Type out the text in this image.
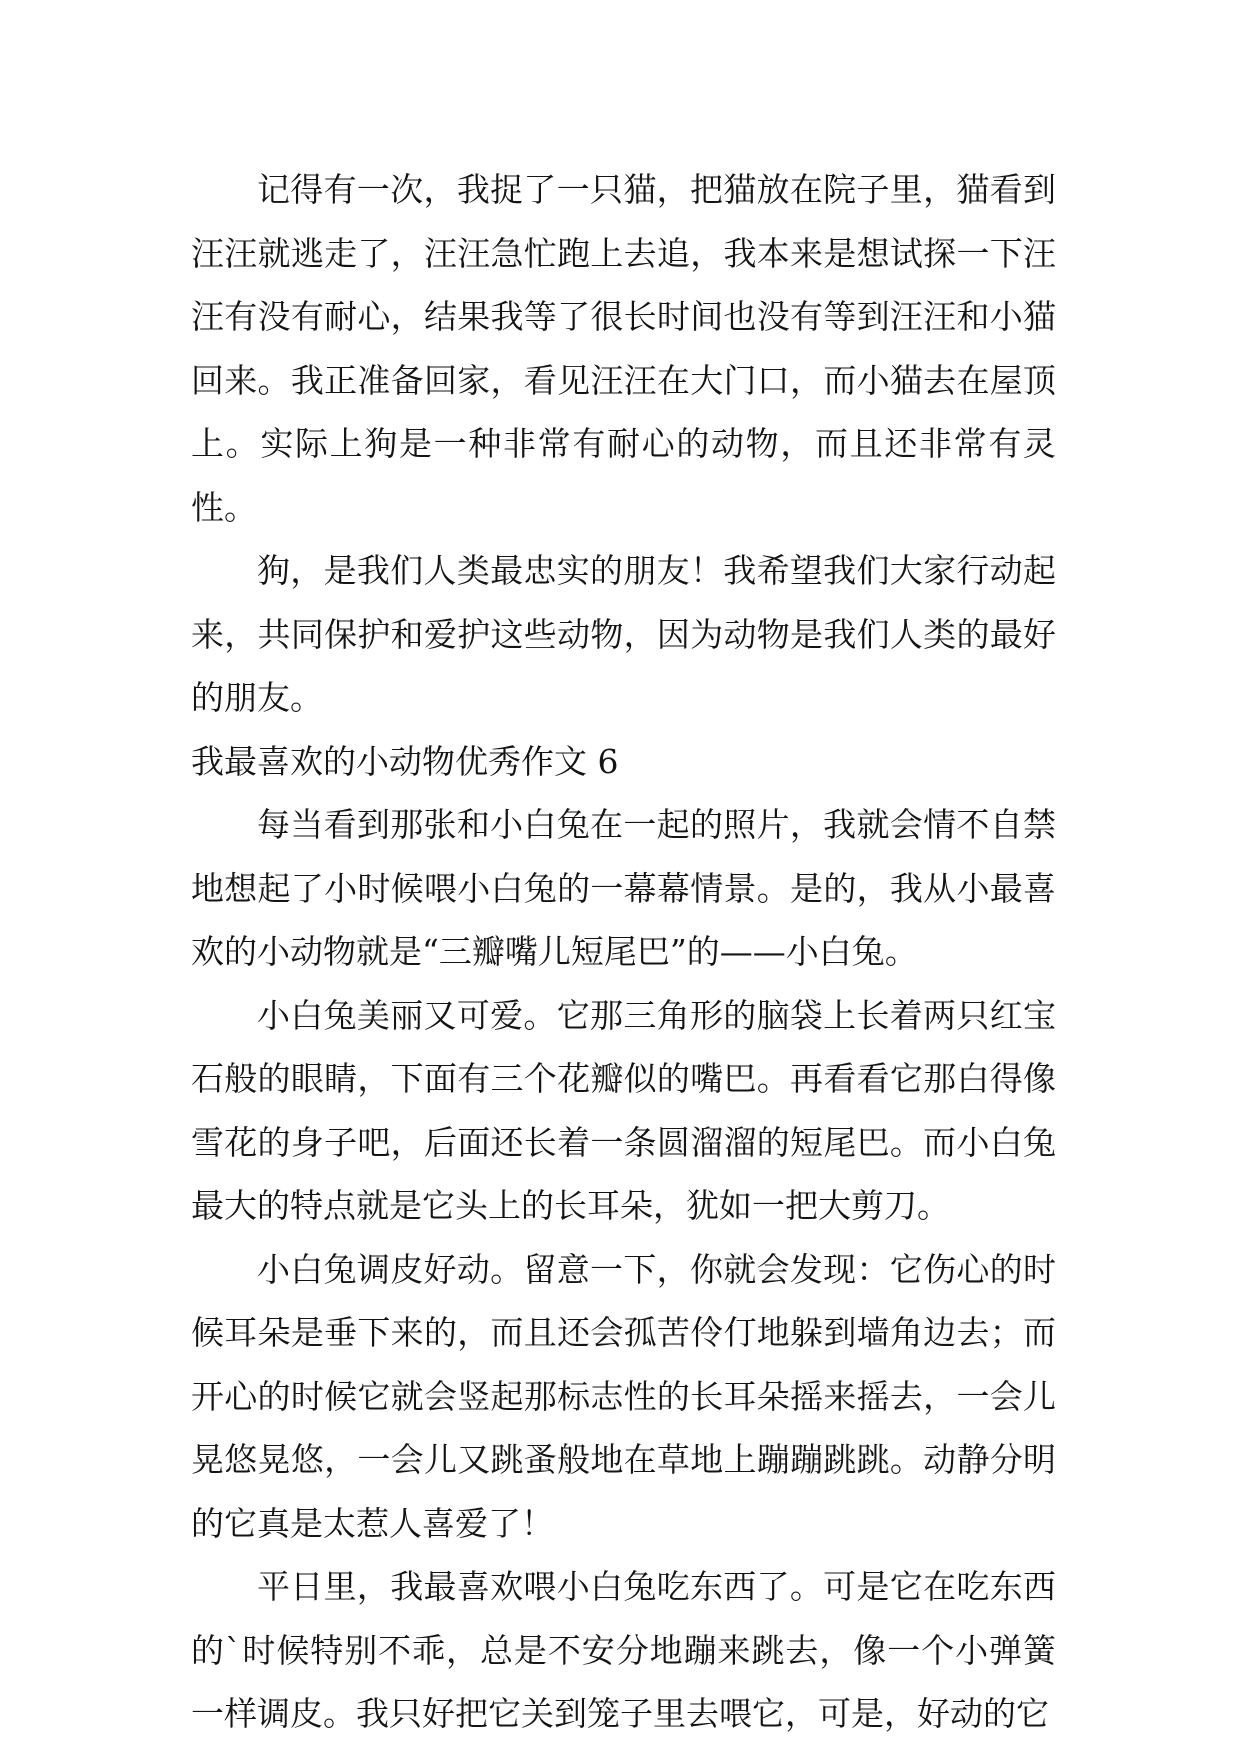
记得有一次，我捉了一只猫，把猫放在院子里，猫看到汪汪就逃走了，汪汪急忙跑上去追，我本来是想试探一下汪汪有没有耐心，结果我等了很长时间也没有等到汪汪和小猫回来。我正准备回家，看见汪汪在大门口，而小猫去在屋顶上。实际上狗是一种非常有耐心的动物，而且还非常有灵性。

狗，是我们人类最忠实的朋友！我希望我们大家行动起来，共同保护和爱护这些动物，因为动物是我们人类的最好的朋友。

我最喜欢的小动物优秀作文 6

每当看到那张和小白兔在一起的照片，我就会情不自禁地想起了小时候喂小白兔的一幕幕情景。是的，我从小最喜欢的小动物就是“三瓣嘴儿短尾巴”的——小白兔。

小白兔美丽又可爱。它那三角形的脑袋上长着两只红宝石般的眼睛，下面有三个花瓣似的嘴巴。再看看它那白得像雪花的身子吧，后面还长着一条圆溜溜的短尾巴。而小白兔最大的特点就是它头上的长耳朵，犹如一把大剪刀。

小白兔调皮好动。留意一下，你就会发现：它伤心的时候耳朵是垂下来的，而且还会孤苦伶仃地躲到墙角边去；而开心的时候它就会竖起那标志性的长耳朵摇来摇去，一会儿晃悠晃悠，一会儿又跳蚤般地在草地上蹦蹦跳跳。动静分明的它真是太惹人喜爱了！

平日里，我最喜欢喂小白兔吃东西了。可是它在吃东西的`时候特别不乖，总是不安分地蹦来跳去，像一个小弹簧一样调皮。我只好把它关到笼子里去喂它，可是，好动的它
